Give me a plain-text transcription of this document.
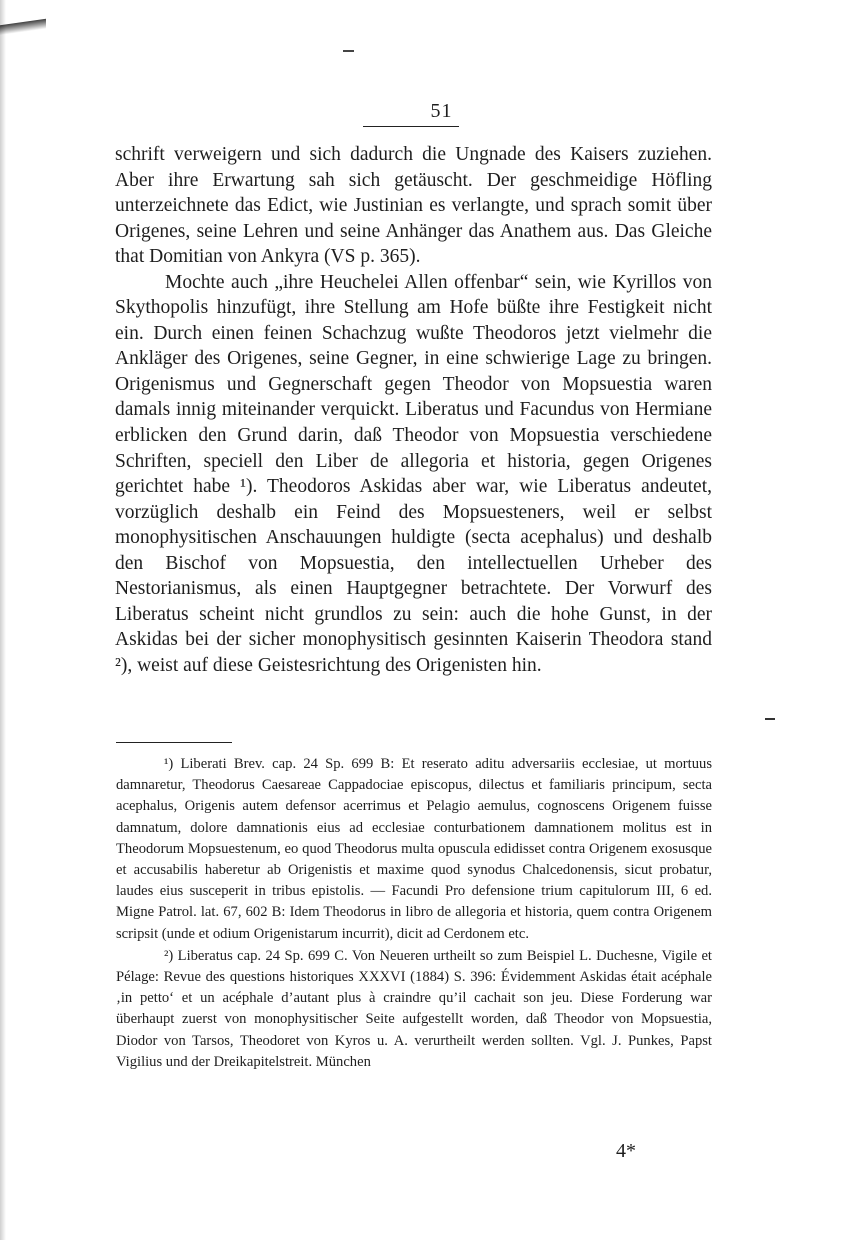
51

schrift verweigern und sich dadurch die Ungnade des Kaisers zuziehen. Aber ihre Erwartung sah sich getäuscht. Der geschmeidige Höfling unterzeichnete das Edict, wie Justinian es verlangte, und sprach somit über Origenes, seine Lehren und seine Anhänger das Anathem aus. Das Gleiche that Domitian von Ankyra (VS p. 365).

Mochte auch „ihre Heuchelei Allen offenbar“ sein, wie Kyrillos von Skythopolis hinzufügt, ihre Stellung am Hofe büßte ihre Festigkeit nicht ein. Durch einen feinen Schachzug wußte Theodoros jetzt vielmehr die Ankläger des Origenes, seine Gegner, in eine schwierige Lage zu bringen. Origenismus und Gegnerschaft gegen Theodor von Mopsuestia waren damals innig miteinander verquickt. Liberatus und Facundus von Hermiane erblicken den Grund darin, daß Theodor von Mopsuestia verschiedene Schriften, speciell den Liber de allegoria et historia, gegen Origenes gerichtet habe ¹). Theodoros Askidas aber war, wie Liberatus andeutet, vorzüglich deshalb ein Feind des Mopsuesteners, weil er selbst monophysitischen Anschauungen huldigte (secta acephalus) und deshalb den Bischof von Mopsuestia, den intellectuellen Urheber des Nestorianismus, als einen Hauptgegner betrachtete. Der Vorwurf des Liberatus scheint nicht grundlos zu sein: auch die hohe Gunst, in der Askidas bei der sicher monophysitisch gesinnten Kaiserin Theodora stand ²), weist auf diese Geistesrichtung des Origenisten hin.

¹) Liberati Brev. cap. 24 Sp. 699 B: Et reserato aditu adversariis ecclesiae, ut mortuus damnaretur, Theodorus Caesareae Cappadociae episcopus, dilectus et familiaris principum, secta acephalus, Origenis autem defensor acerrimus et Pelagio aemulus, cognoscens Origenem fuisse damnatum, dolore damnationis eius ad ecclesiae conturbationem damnationem molitus est in Theodorum Mopsuestenum, eo quod Theodorus multa opuscula edidisset contra Origenem exosusque et accusabilis haberetur ab Origenistis et maxime quod synodus Chalcedonensis, sicut probatur, laudes eius susceperit in tribus epistolis. — Facundi Pro defensione trium capitulorum III, 6 ed. Migne Patrol. lat. 67, 602 B: Idem Theodorus in libro de allegoria et historia, quem contra Origenem scripsit (unde et odium Origenistarum incurrit), dicit ad Cerdonem etc.

²) Liberatus cap. 24 Sp. 699 C. Von Neueren urtheilt so zum Beispiel L. Duchesne, Vigile et Pélage: Revue des questions historiques XXXVI (1884) S. 396: Évidemment Askidas était acéphale ‚in petto‘ et un acéphale d’autant plus à craindre qu’il cachait son jeu. Diese Forderung war überhaupt zuerst von monophysitischer Seite aufgestellt worden, daß Theodor von Mopsuestia, Diodor von Tarsos, Theodoret von Kyros u. A. verurtheilt werden sollten. Vgl. J. Punkes, Papst Vigilius und der Dreikapitelstreit. München

4*
